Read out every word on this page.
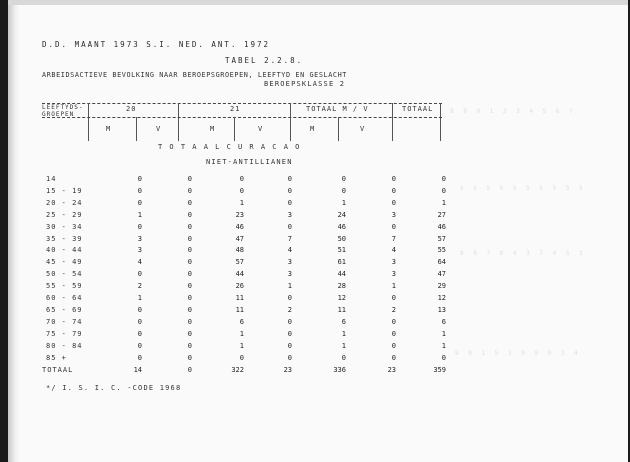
8 9 0 1 2 3 4 5 6 7
5 5 5 5 5 5 5 5 5 5
8 9 7 8 4 3 7 4 5 3
9 9 1 5 3 9 9 9 3 4
D.D. MAANT 1973 S.I. NED. ANT. 1972
TABEL 2.2.8.
ARBEIDSACTIEVE BEVOLKING NAAR BEROEPSGROEPEN, LEEFTYD EN GESLACHT
BEROEPSKLASSE 2
LEEFTYDS-
GROEPEN
20	21	TOTAAL M / V	TOTAAL
M	V	M	V	M	V
T O T A A L C U R A C A O
NIET-ANTILLIANEN
14	0	0	0	0	0	0	0
15 - 19	0	0	0	0	0	0	0
20 - 24	0	0	1	0	1	0	1
25 - 29	1	0	23	3	24	3	27
30 - 34	0	0	46	0	46	0	46
35 - 39	3	0	47	7	50	7	57
40 - 44	3	0	48	4	51	4	55
45 - 49	4	0	57	3	61	3	64
50 - 54	0	0	44	3	44	3	47
55 - 59	2	0	26	1	28	1	29
60 - 64	1	0	11	0	12	0	12
65 - 69	0	0	11	2	11	2	13
70 - 74	0	0	6	0	6	0	6
75 - 79	0	0	1	0	1	0	1
80 - 84	0	0	1	0	1	0	1
85 +	0	0	0	0	0	0	0
TOTAAL	14	0	322	23	336	23	359
*/ I. S. I. C. -CODE 1968
